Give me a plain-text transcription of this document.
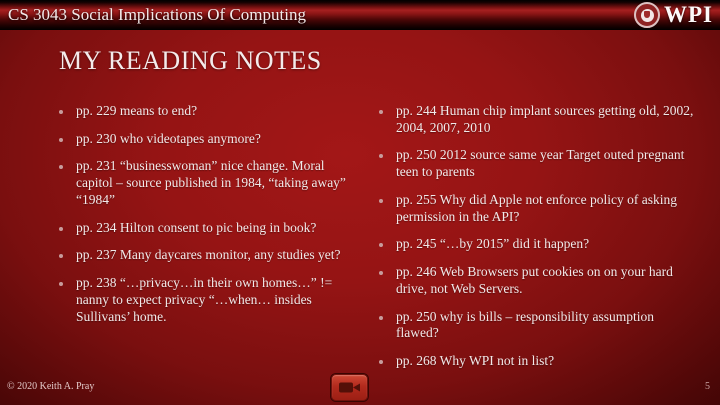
CS 3043 Social Implications Of Computing	WPI
MY READING NOTES
pp. 229 means to end?
pp. 230 who videotapes anymore?
pp. 231 “businesswoman” nice change. Moral capitol – source published in 1984, “taking away” “1984”
pp. 234 Hilton consent to pic being in book?
pp. 237 Many daycares monitor, any studies yet?
pp. 238 “…privacy…in their own homes…” != nanny to expect privacy “…when… insides Sullivans’ home.
pp. 244 Human chip implant sources getting old, 2002, 2004, 2007, 2010
pp. 250 2012 source same year Target outed pregnant teen to parents
pp. 255 Why did Apple not enforce policy of asking permission in the API?
pp. 245 “…by 2015” did it happen?
pp. 246 Web Browsers put cookies on on your hard drive, not Web Servers.
pp. 250 why is bills – responsibility assumption flawed?
pp. 268 Why WPI not in list?
© 2020 Keith A. Pray	5
